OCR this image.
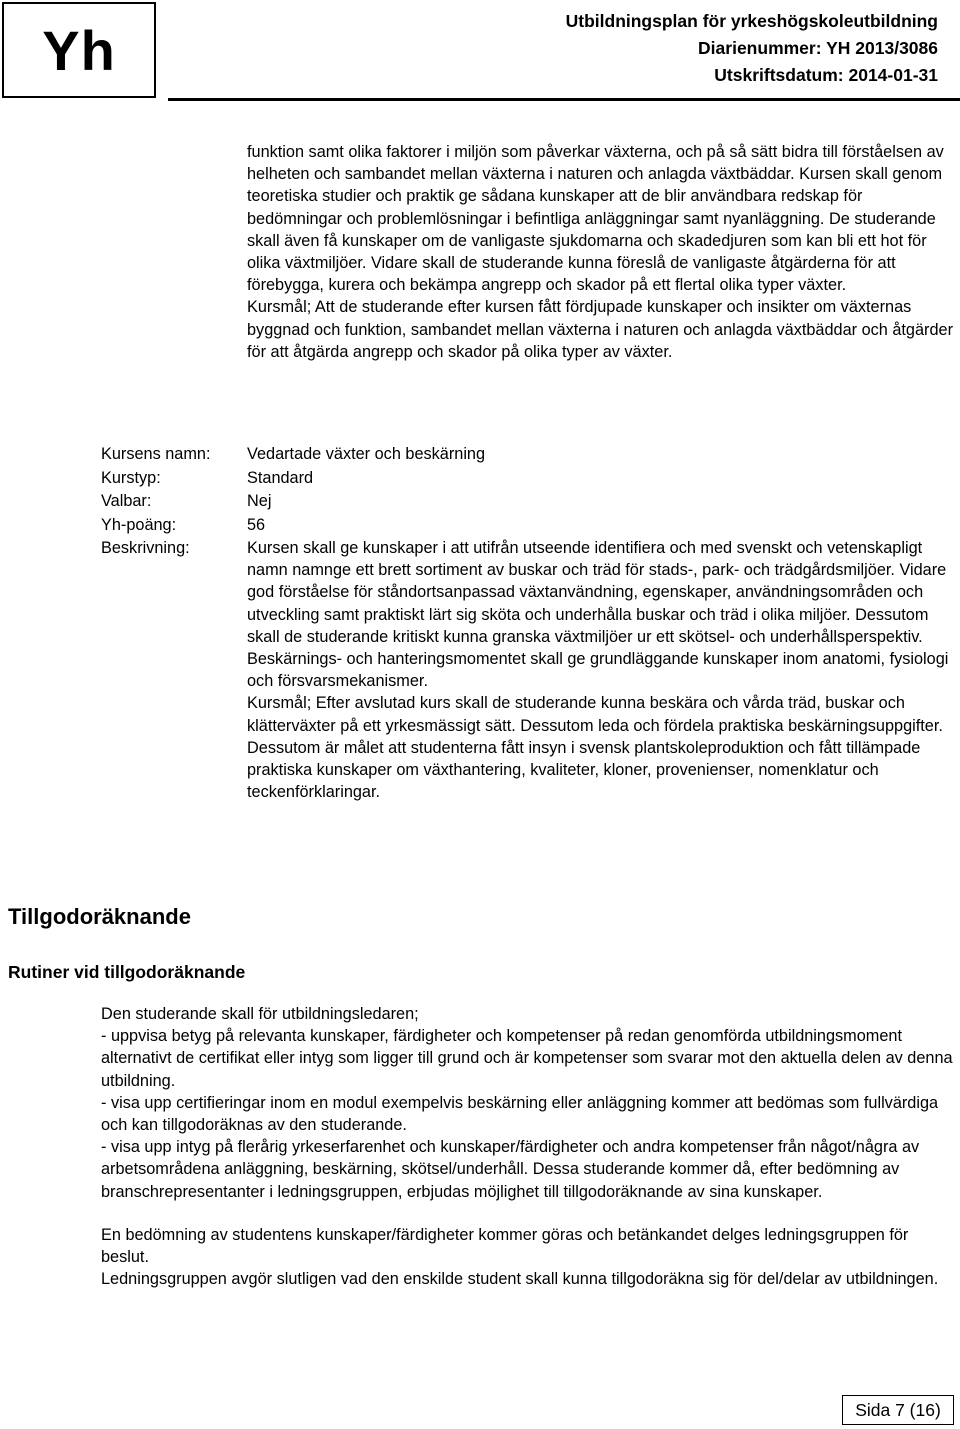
Yh	Utbildningsplan för yrkeshögskoleutbildning
Diarienummer: YH 2013/3086
Utskriftsdatum: 2014-01-31

funktion samt olika faktorer i miljön som påverkar växterna, och på så sätt bidra till förståelsen av helheten och sambandet mellan växterna i naturen och anlagda växtbäddar. Kursen skall genom teoretiska studier och praktik ge sådana kunskaper att de blir användbara redskap för bedömningar och problemlösningar i befintliga anläggningar samt nyanläggning. De studerande skall även få kunskaper om de vanligaste sjukdomarna och skadedjuren som kan bli ett hot för olika växtmiljöer. Vidare skall de studerande kunna föreslå de vanligaste åtgärderna för att förebygga, kurera och bekämpa angrepp och skador på ett flertal olika typer växter.

Kursmål; Att de studerande efter kursen fått fördjupade kunskaper och insikter om växternas byggnad och funktion, sambandet mellan växterna i naturen och anlagda växtbäddar och åtgärder för att åtgärda angrepp och skador på olika typer av växter.

Kursens namn:	Vedartade växter och beskärning
Kurstyp:	Standard
Valbar:	Nej
Yh-poäng:	56
Beskrivning:	Kursen skall ge kunskaper i att utifrån utseende identifiera och med svenskt och vetenskapligt namn namnge ett brett sortiment av buskar och träd för stads-, park- och trädgårdsmiljöer. Vidare god förståelse för ståndortsanpassad växtanvändning, egenskaper, användningsområden och utveckling samt praktiskt lärt sig sköta och underhålla buskar och träd i olika miljöer. Dessutom skall de studerande kritiskt kunna granska växtmiljöer ur ett skötsel- och underhållsperspektiv.

Beskärnings- och hanteringsmomentet skall ge grundläggande kunskaper inom anatomi, fysiologi och försvarsmekanismer.

Kursmål; Efter avslutad kurs skall de studerande kunna beskära och vårda träd, buskar och klätterväxter på ett yrkesmässigt sätt. Dessutom leda och fördela praktiska beskärningsuppgifter. Dessutom är målet att studenterna fått insyn i svensk plantskoleproduktion och fått tillämpade praktiska kunskaper om växthantering, kvaliteter, kloner, provenienser, nomenklatur och teckenförklaringar.

Tillgodoräknande
Rutiner vid tillgodoräknande

Den studerande skall för utbildningsledaren;

- uppvisa betyg på relevanta kunskaper, färdigheter och kompetenser på redan genomförda utbildningsmoment alternativt de certifikat eller intyg som ligger till grund och är kompetenser som svarar mot den aktuella delen av denna utbildning.

- visa upp certifieringar inom en modul exempelvis beskärning eller anläggning kommer att bedömas som fullvärdiga och kan tillgodoräknas av den studerande.

- visa upp intyg på flerårig yrkeserfarenhet och kunskaper/färdigheter och andra kompetenser från något/några av arbetsområdena anläggning, beskärning, skötsel/underhåll. Dessa studerande kommer då, efter bedömning av branschrepresentanter i ledningsgruppen, erbjudas möjlighet till tillgodoräknande av sina kunskaper.

En bedömning av studentens kunskaper/färdigheter kommer göras och betänkandet delges ledningsgruppen för beslut.

Ledningsgruppen avgör slutligen vad den enskilde student skall kunna tillgodoräkna sig för del/delar av utbildningen.

Sida 7 (16)
